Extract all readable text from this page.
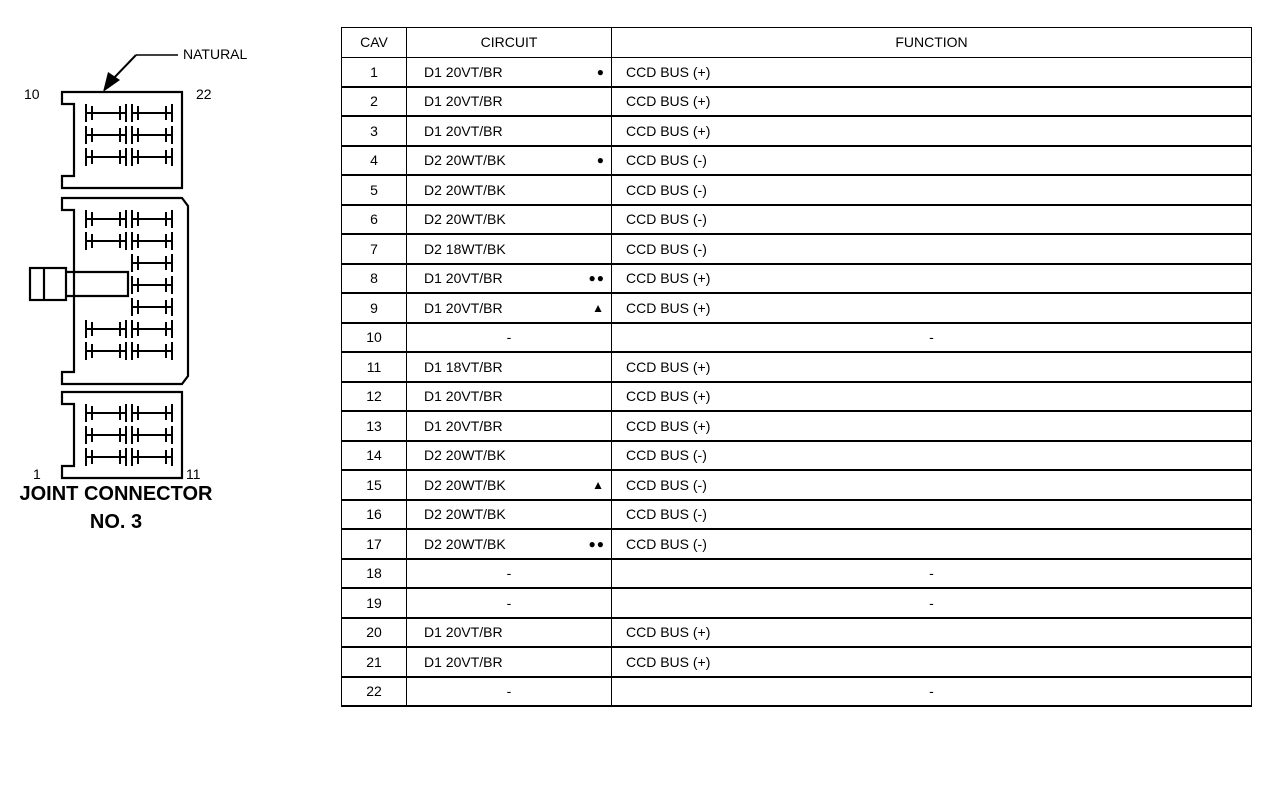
NATURAL
10	22
1	11
JOINT CONNECTOR
NO. 3
CAV	CIRCUIT	FUNCTION
1	D1 20VT/BR ●	CCD BUS (+)
2	D1 20VT/BR	CCD BUS (+)
3	D1 20VT/BR	CCD BUS (+)
4	D2 20WT/BK ●	CCD BUS (-)
5	D2 20WT/BK	CCD BUS (-)
6	D2 20WT/BK	CCD BUS (-)
7	D2 18WT/BK	CCD BUS (-)
8	D1 20VT/BR ●●	CCD BUS (+)
9	D1 20VT/BR ▲	CCD BUS (+)
10	-	-
11	D1 18VT/BR	CCD BUS (+)
12	D1 20VT/BR	CCD BUS (+)
13	D1 20VT/BR	CCD BUS (+)
14	D2 20WT/BK	CCD BUS (-)
15	D2 20WT/BK ▲	CCD BUS (-)
16	D2 20WT/BK	CCD BUS (-)
17	D2 20WT/BK ●●	CCD BUS (-)
18	-	-
19	-	-
20	D1 20VT/BR	CCD BUS (+)
21	D1 20VT/BR	CCD BUS (+)
22	-	-
